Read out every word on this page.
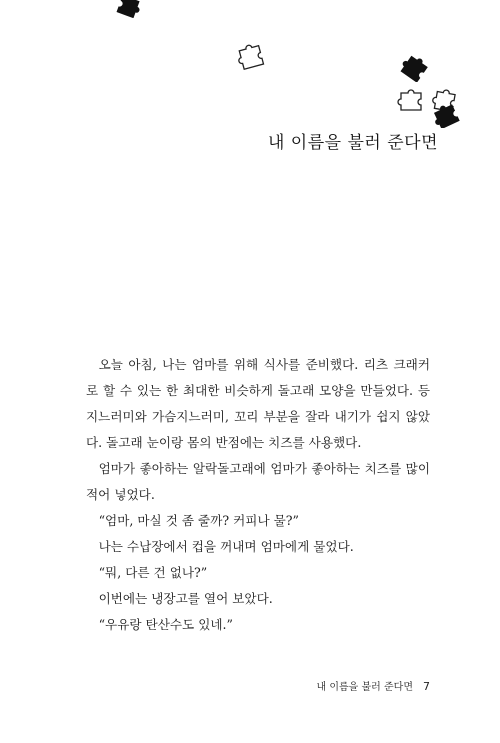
내 이름을 불러 준다면

오늘 아침, 나는 엄마를 위해 식사를 준비했다. 리츠 크래커로 할 수 있는 한 최대한 비슷하게 돌고래 모양을 만들었다. 등지느러미와 가슴지느러미, 꼬리 부분을 잘라 내기가 쉽지 않았다. 돌고래 눈이랑 몸의 반점에는 치즈를 사용했다.

엄마가 좋아하는 알락돌고래에 엄마가 좋아하는 치즈를 많이 적어 넣었다.

“엄마, 마실 것 좀 줄까? 커피나 물?”

나는 수납장에서 컵을 꺼내며 엄마에게 물었다.

“뭐, 다른 건 없나?”

이번에는 냉장고를 열어 보았다.

“우유랑 탄산수도 있네.”

내 이름을 불러 준다면 7
